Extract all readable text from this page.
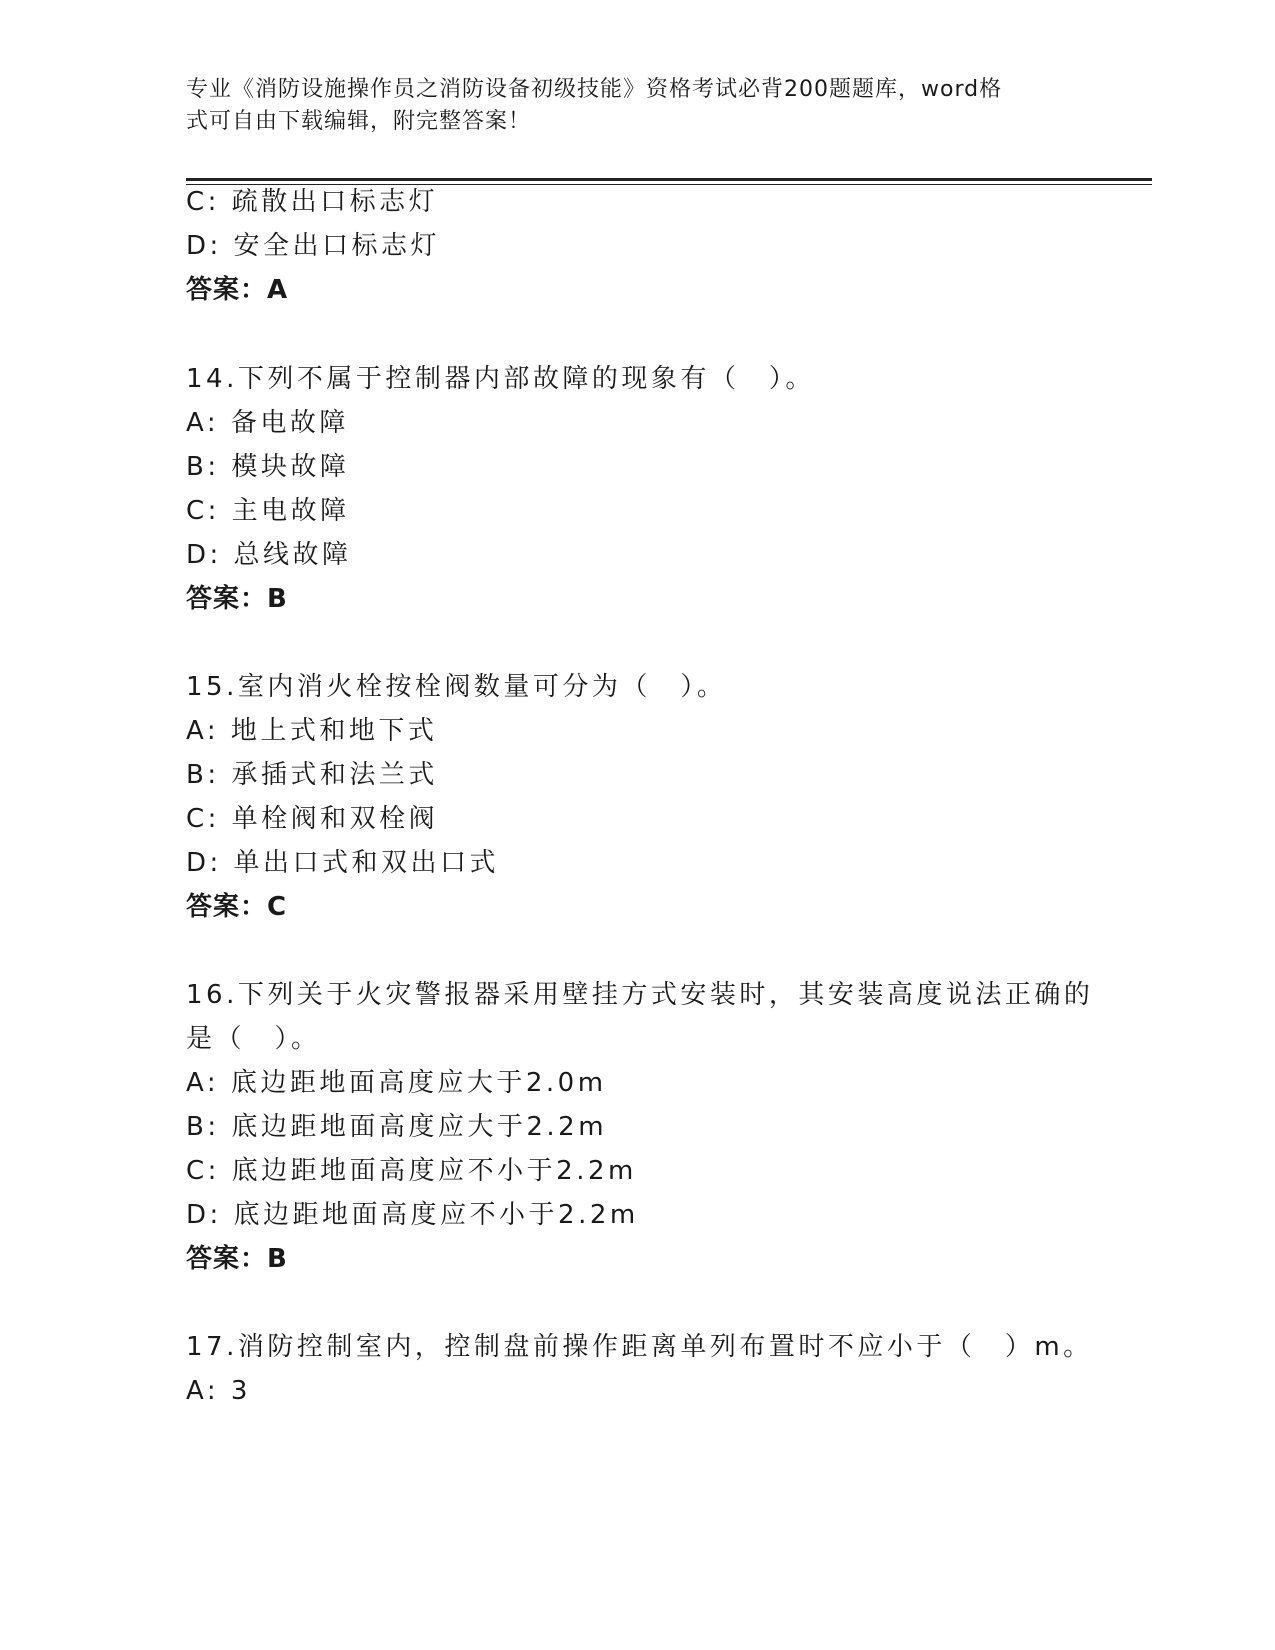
专业《消防设施操作员之消防设备初级技能》资格考试必背200题题库，word格
式可自由下载编辑，附完整答案！
C: 疏散出口标志灯
D: 安全出口标志灯
答案：A
14.下列不属于控制器内部故障的现象有（　）。
A: 备电故障
B: 模块故障
C: 主电故障
D: 总线故障
答案：B
15.室内消火栓按栓阀数量可分为（　）。
A: 地上式和地下式
B: 承插式和法兰式
C: 单栓阀和双栓阀
D: 单出口式和双出口式
答案：C
16.下列关于火灾警报器采用壁挂方式安装时，其安装高度说法正确的
是（　）。
A: 底边距地面高度应大于2.0m
B: 底边距地面高度应大于2.2m
C: 底边距地面高度应不小于2.2m
D: 底边距地面高度应不小于2.2m
答案：B
17.消防控制室内，控制盘前操作距离单列布置时不应小于（　）m。
A: 3
